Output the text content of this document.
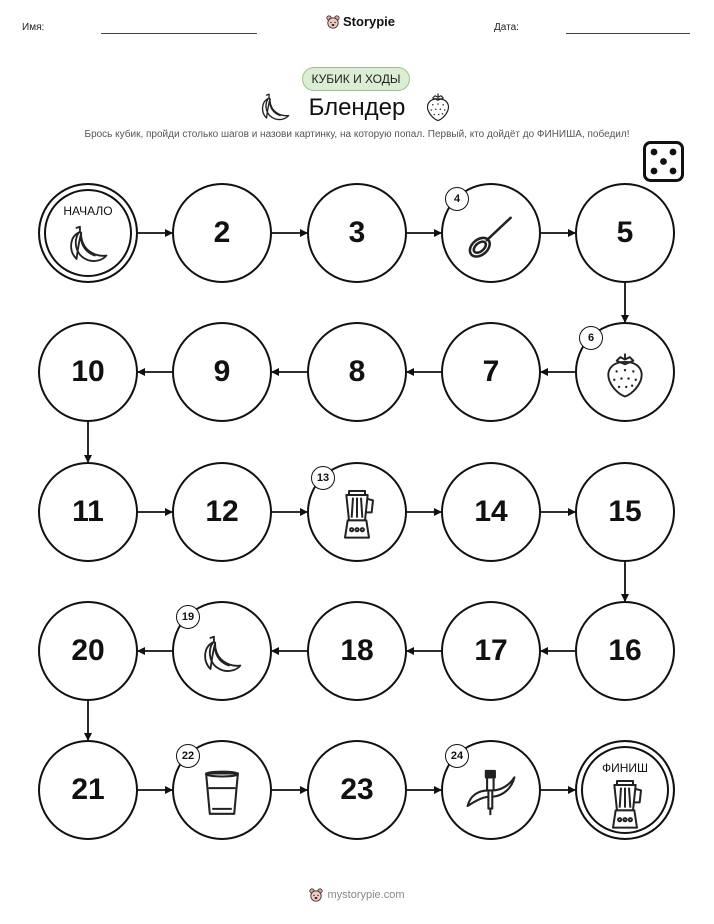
Имя:	Storypie	Дата:
КУБИК И ХОДЫ
Блендер
Брось кубик, пройди столько шагов и назови картинку, на которую попал. Первый, кто дойдёт до ФИНИША, победил!
НАЧАЛО
2	3
4
5
6
7
8
9
10
11	12
13
14	15
16
17
18
19
20
21
22
23
24
ФИНИШ
mystorypie.com
